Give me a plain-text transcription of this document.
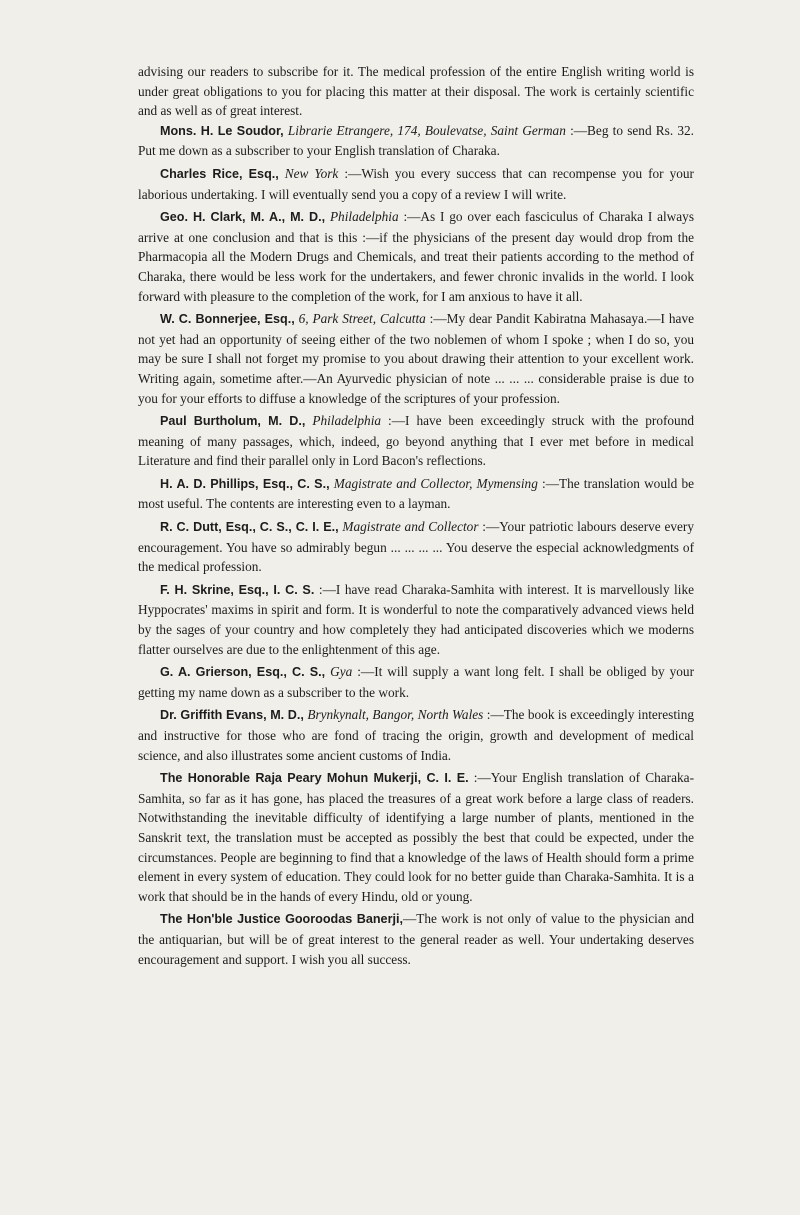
advising our readers to subscribe for it. The medical profession of the entire English writing world is under great obligations to you for placing this matter at their disposal. The work is certainly scientific and as well as of great interest.

Mons. H. Le Soudor, Librarie Etrangere, 174, Boulevatse, Saint German :—Beg to send Rs. 32. Put me down as a subscriber to your English translation of Charaka.

Charles Rice, Esq., New York :—Wish you every success that can recompense you for your laborious undertaking. I will eventually send you a copy of a review I will write.

Geo. H. Clark, M. A., M. D., Philadelphia :—As I go over each fasciculus of Charaka I always arrive at one conclusion and that is this :—if the physicians of the present day would drop from the Pharmacopia all the Modern Drugs and Chemicals, and treat their patients according to the method of Charaka, there would be less work for the undertakers, and fewer chronic invalids in the world. I look forward with pleasure to the completion of the work, for I am anxious to have it all.

W. C. Bonnerjee, Esq., 6, Park Street, Calcutta :—My dear Pandit Kabiratna Mahasaya.—I have not yet had an opportunity of seeing either of the two noblemen of whom I spoke ; when I do so, you may be sure I shall not forget my promise to you about drawing their attention to your excellent work. Writing again, sometime after.—An Ayurvedic physician of note ... ... ... considerable praise is due to you for your efforts to diffuse a knowledge of the scriptures of your profession.

Paul Burtholum, M. D., Philadelphia :—I have been exceedingly struck with the profound meaning of many passages, which, indeed, go beyond anything that I ever met before in medical Literature and find their parallel only in Lord Bacon's reflections.

H. A. D. Phillips, Esq., C. S., Magistrate and Collector, Mymensing :—The translation would be most useful. The contents are interesting even to a layman.

R. C. Dutt, Esq., C. S., C. I. E., Magistrate and Collector :—Your patriotic labours deserve every encouragement. You have so admirably begun ... ... ... ... You deserve the especial acknowledgments of the medical profession.

F. H. Skrine, Esq., I. C. S. :—I have read Charaka-Samhita with interest. It is marvellously like Hyppocrates' maxims in spirit and form. It is wonderful to note the comparatively advanced views held by the sages of your country and how completely they had anticipated discoveries which we moderns flatter ourselves are due to the enlightenment of this age.

G. A. Grierson, Esq., C. S., Gya :—It will supply a want long felt. I shall be obliged by your getting my name down as a subscriber to the work.

Dr. Griffith Evans, M. D., Brynkynalt, Bangor, North Wales :—The book is exceedingly interesting and instructive for those who are fond of tracing the origin, growth and development of medical science, and also illustrates some ancient customs of India.

The Honorable Raja Peary Mohun Mukerji, C. I. E. :—Your English translation of Charaka-Samhita, so far as it has gone, has placed the treasures of a great work before a large class of readers. Notwithstanding the inevitable difficulty of identifying a large number of plants, mentioned in the Sanskrit text, the translation must be accepted as possibly the best that could be expected, under the circumstances. People are beginning to find that a knowledge of the laws of Health should form a prime element in every system of education. They could look for no better guide than Charaka-Samhita. It is a work that should be in the hands of every Hindu, old or young.

The Hon'ble Justice Gooroodas Banerji,—The work is not only of value to the physician and the antiquarian, but will be of great interest to the general reader as well. Your undertaking deserves encouragement and support. I wish you all success.
